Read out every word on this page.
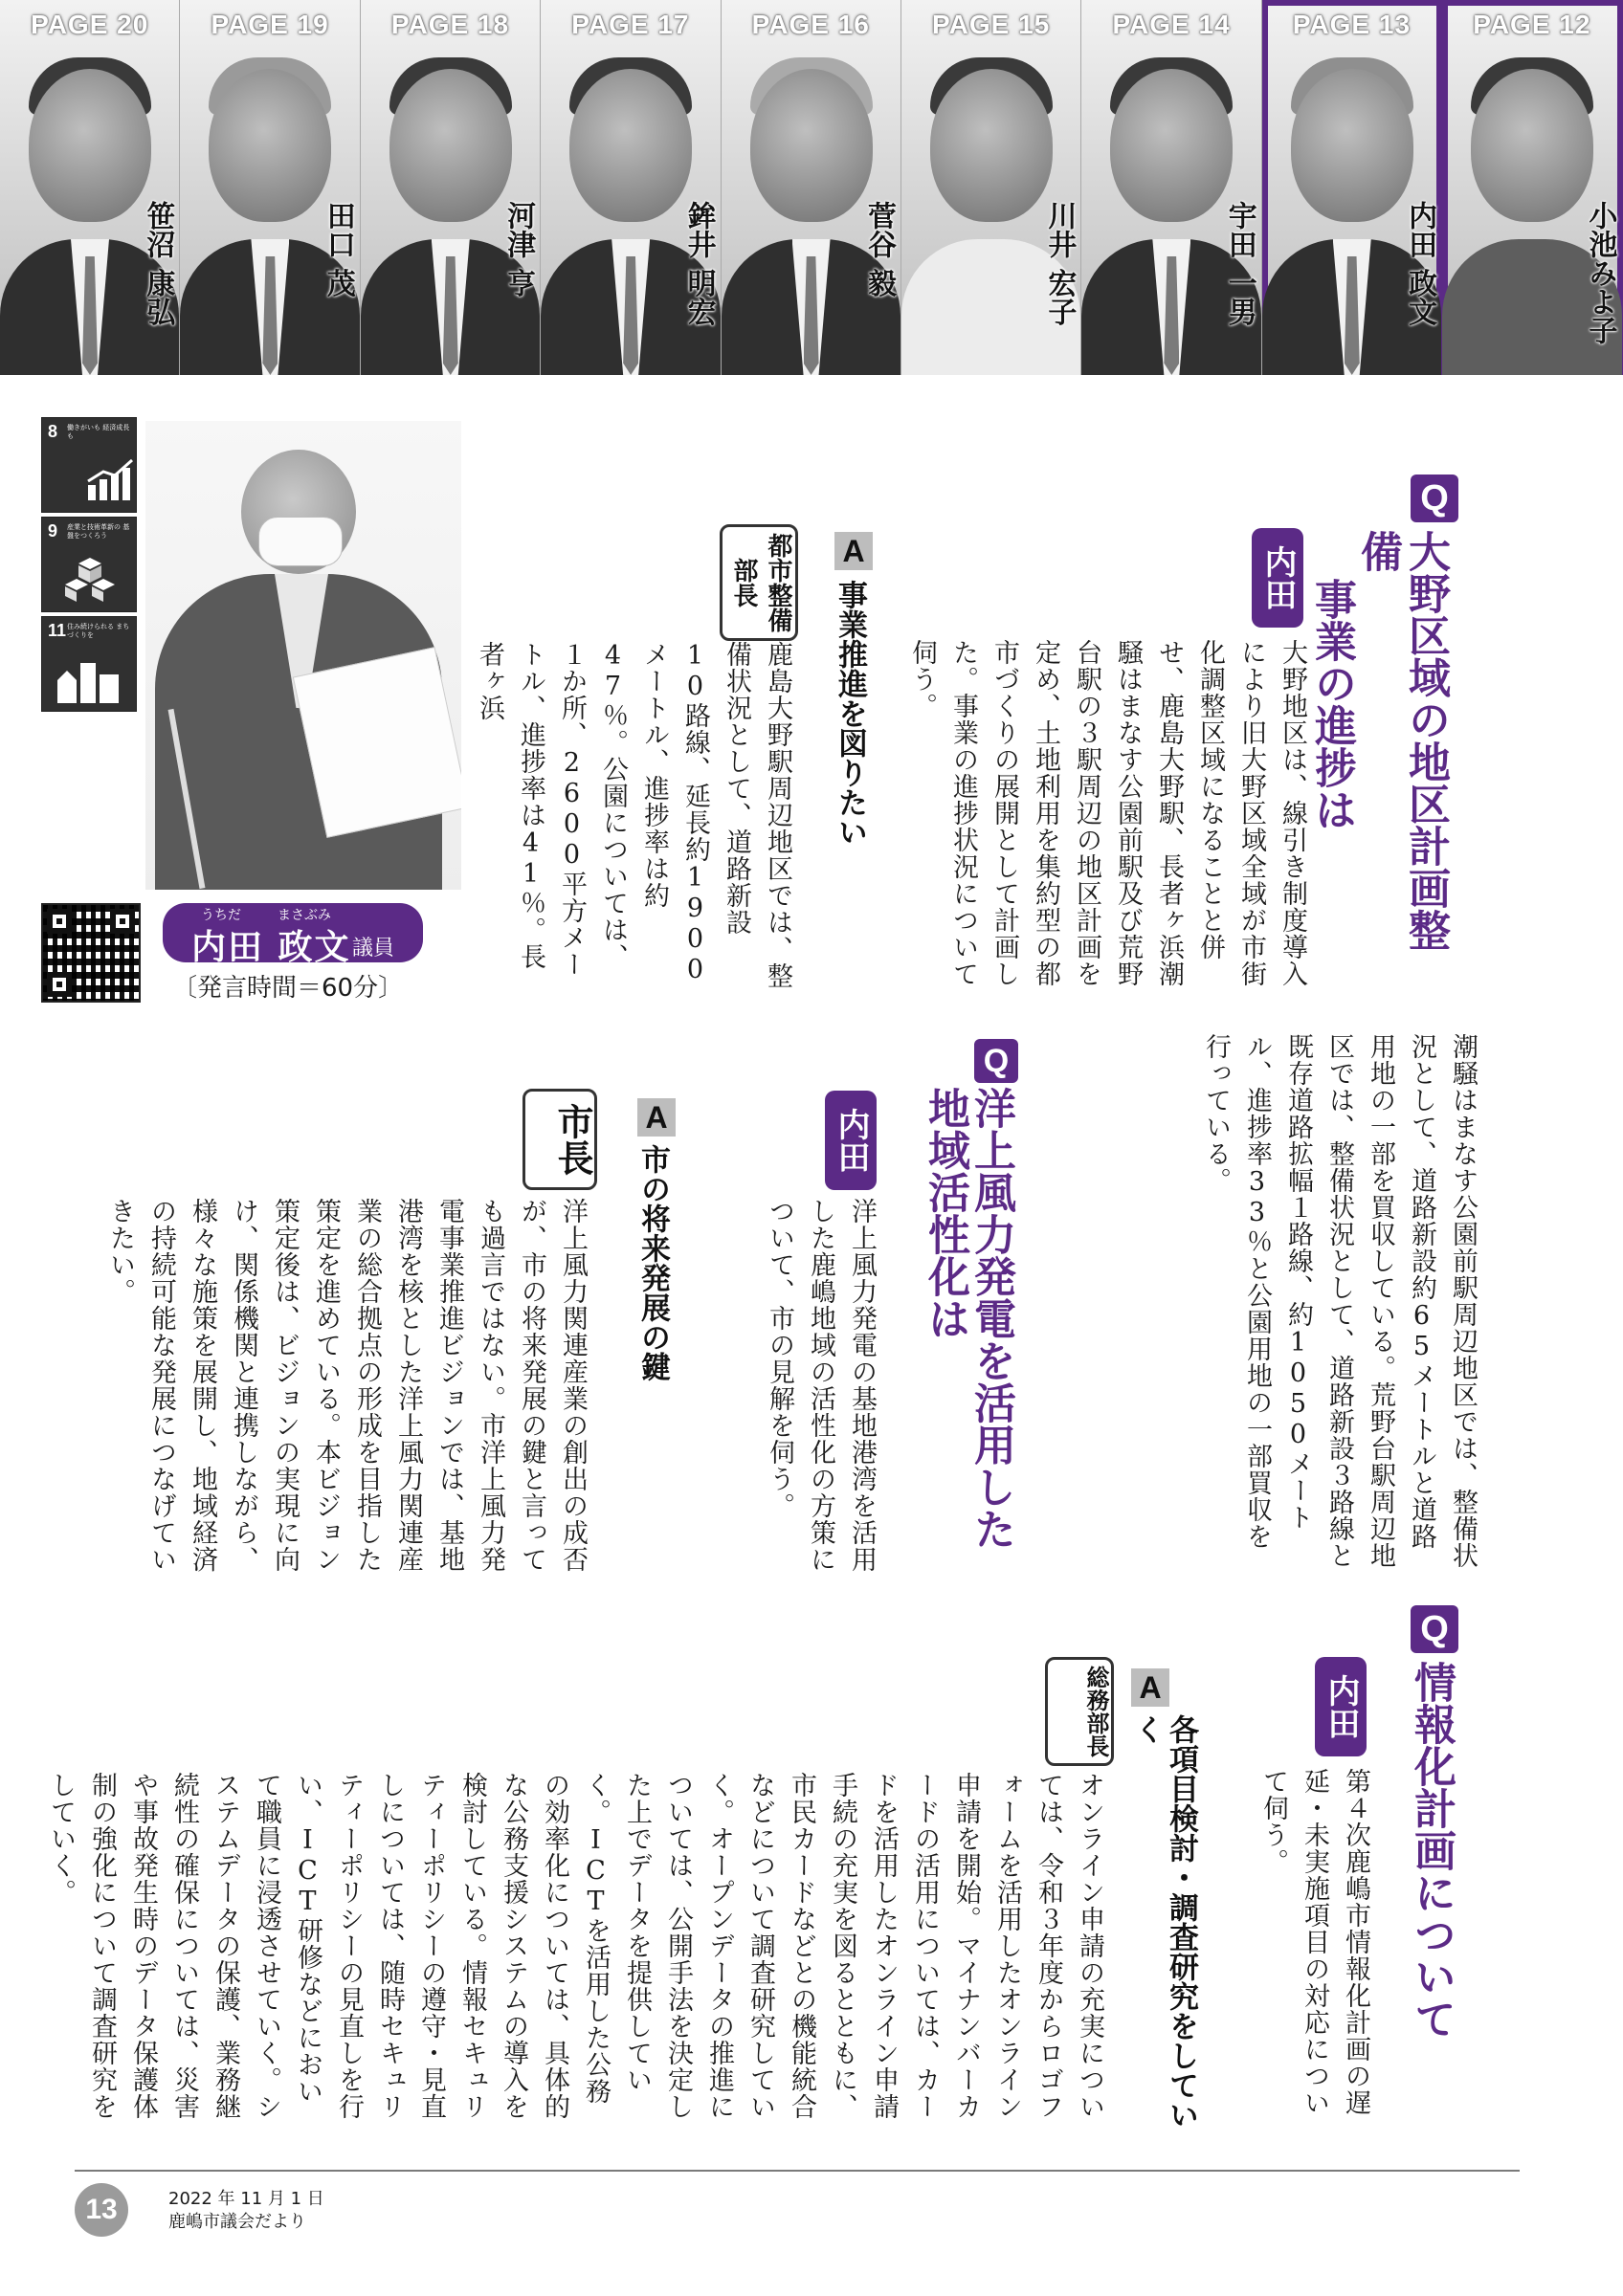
PAGE 20
笹沼 康弘
PAGE 19
田口 茂
PAGE 18
河津 亨
PAGE 17
鉾井 明宏
PAGE 16
菅谷 毅
PAGE 15
川井 宏子
PAGE 14
宇田 一男
PAGE 13
内田 政文
PAGE 12
小池みよ子
8 働きがいも 経済成長も
9 産業と技術革新の 基盤をつくろう
11 住み続けられる まちづくりを
うちだ	まさぶみ
内田 政文 議員
〔発言時間＝60分〕
Q
大野区域の地区計画整備
事業の進捗は
内田
大野地区は、線引き制度導入により旧大野区域全域が市街化調整区域になることと併せ、鹿島大野駅、長者ヶ浜潮騒はまなす公園前駅及び荒野台駅の３駅周辺の地区計画を定め、土地利用を集約型の都市づくりの展開として計画した。事業の進捗状況について伺う。
A
事業推進を図りたい
都市整備部長
鹿島大野駅周辺地区では、整備状況として、道路新設10路線、延長約1900メートル、進捗率は約47％。公園については、１か所、2600平方メートル、進捗率は41％。長者ヶ浜
潮騒はまなす公園前駅周辺地区では、整備状況として、道路新設約65メートルと道路用地の一部を買収している。荒野台駅周辺地区では、整備状況として、道路新設３路線と既存道路拡幅１路線、約1050メートル、進捗率33％と公園用地の一部買収を行っている。
Q
洋上風力発電を活用した
地域活性化は
内田
洋上風力発電の基地港湾を活用した鹿嶋地域の活性化の方策について、市の見解を伺う。
A
市の将来発展の鍵
市長
洋上風力関連産業の創出の成否が、市の将来発展の鍵と言っても過言ではない。市洋上風力発電事業推進ビジョンでは、基地港湾を核とした洋上風力関連産業の総合拠点の形成を目指した策定を進めている。本ビジョン策定後は、ビジョンの実現に向け、関係機関と連携しながら、様々な施策を展開し、地域経済の持続可能な発展につなげていきたい。
Q
情報化計画について
内田
第４次鹿嶋市情報化計画の遅延・未実施項目の対応について伺う。
A
各項目検討・調査研究をしていく
総務部長
オンライン申請の充実については、令和３年度からロゴフォームを活用したオンライン申請を開始。マイナンバーカードの活用については、カードを活用したオンライン申請手続の充実を図るとともに、市民カードなどとの機能統合などについて調査研究していく。オープンデータの推進については、公開手法を決定した上でデータを提供していく。ICTを活用した公務の効率化については、具体的な公務支援システムの導入を検討している。情報セキュリティーポリシーの遵守・見直しについては、随時セキュリティーポリシーの見直しを行い、ICT研修などにおいて職員に浸透させていく。システムデータの保護、業務継続性の確保については、災害や事故発生時のデータ保護体制の強化について調査研究をしていく。
13	2022 年 11 月 1 日
鹿嶋市議会だより
